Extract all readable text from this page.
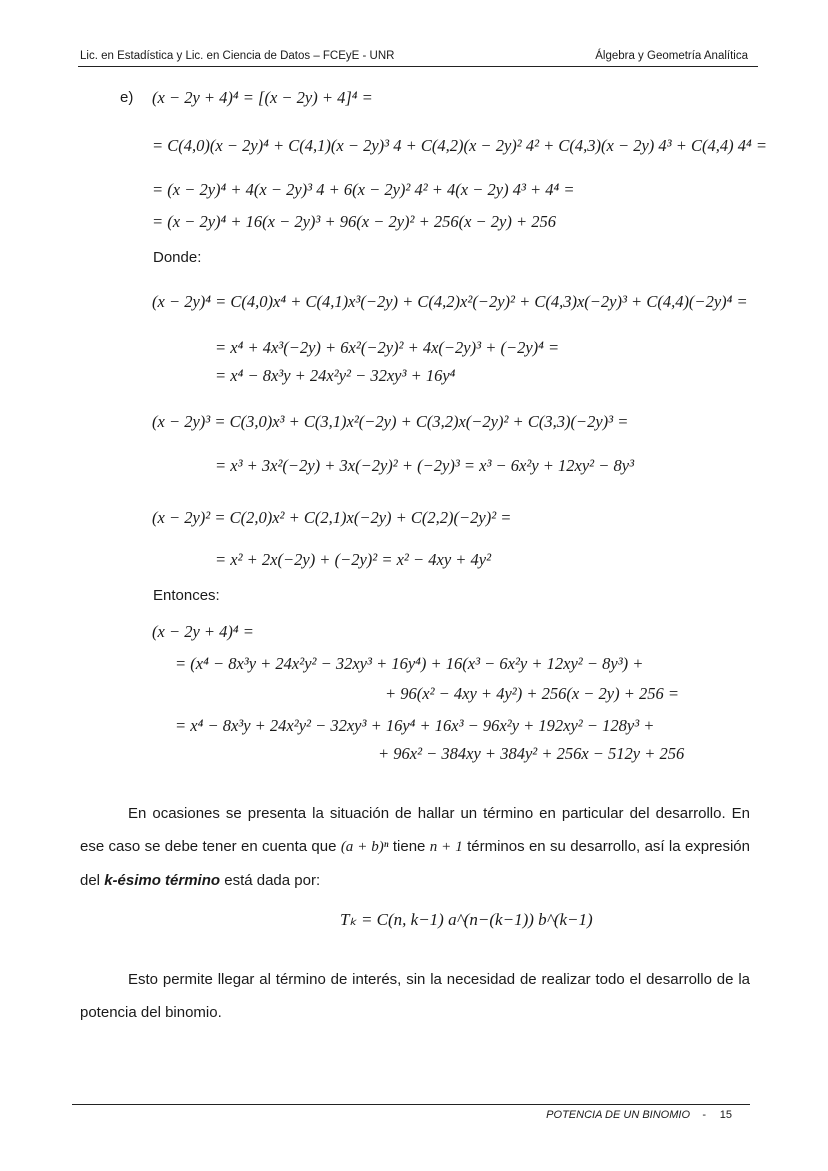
Lic. en Estadística y Lic. en Ciencia de Datos – FCEyE - UNR	Álgebra y Geometría Analítica
e) (x − 2y + 4)⁴ = [(x − 2y) + 4]⁴ =
= C(4,0)(x − 2y)⁴ + C(4,1)(x − 2y)³ 4 + C(4,2)(x − 2y)² 4² + C(4,3)(x − 2y) 4³ + C(4,4) 4⁴ =
= (x − 2y)⁴ + 4(x − 2y)³ 4 + 6(x − 2y)² 4² + 4(x − 2y) 4³ + 4⁴ =
= (x − 2y)⁴ + 16(x − 2y)³ + 96(x − 2y)² + 256(x − 2y) + 256
Donde:
(x − 2y)⁴ = C(4,0)x⁴ + C(4,1)x³(−2y) + C(4,2)x²(−2y)² + C(4,3)x(−2y)³ + C(4,4)(−2y)⁴ =
= x⁴ + 4x³(−2y) + 6x²(−2y)² + 4x(−2y)³ + (−2y)⁴ =
= x⁴ − 8x³y + 24x²y² − 32xy³ + 16y⁴
(x − 2y)³ = C(3,0)x³ + C(3,1)x²(−2y) + C(3,2)x(−2y)² + C(3,3)(−2y)³ =
= x³ + 3x²(−2y) + 3x(−2y)² + (−2y)³ = x³ − 6x²y + 12xy² − 8y³
(x − 2y)² = C(2,0)x² + C(2,1)x(−2y) + C(2,2)(−2y)² =
= x² + 2x(−2y) + (−2y)² = x² − 4xy + 4y²
Entonces:
(x − 2y + 4)⁴ =
= (x⁴ − 8x³y + 24x²y² − 32xy³ + 16y⁴) + 16(x³ − 6x²y + 12xy² − 8y³) +
+ 96(x² − 4xy + 4y²) + 256(x − 2y) + 256 =
= x⁴ − 8x³y + 24x²y² − 32xy³ + 16y⁴ + 16x³ − 96x²y + 192xy² − 128y³ +
+ 96x² − 384xy + 384y² + 256x − 512y + 256
En ocasiones se presenta la situación de hallar un término en particular del desarrollo. En ese caso se debe tener en cuenta que (a + b)ⁿ tiene n + 1 términos en su desarrollo, así la expresión del k-ésimo término está dada por:
Tₖ = C(n, k−1) a^(n−(k−1)) b^(k−1)
Esto permite llegar al término de interés, sin la necesidad de realizar todo el desarrollo de la potencia del binomio.
POTENCIA DE UN BINOMIO - 15
